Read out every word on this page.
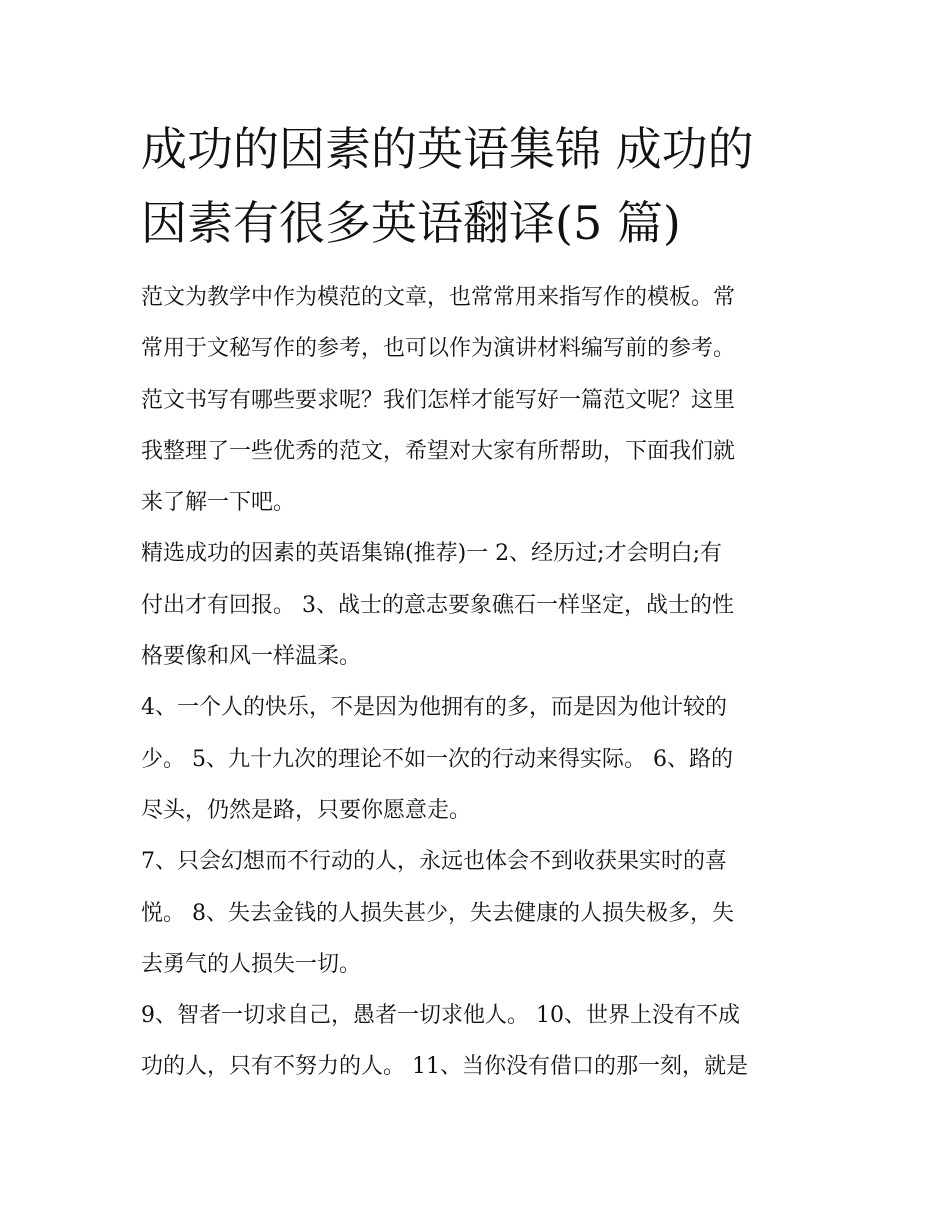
成功的因素的英语集锦 成功的
因素有很多英语翻译(5 篇)

范文为教学中作为模范的文章，也常常用来指写作的模板。常
常用于文秘写作的参考，也可以作为演讲材料编写前的参考。
范文书写有哪些要求呢？我们怎样才能写好一篇范文呢？这里
我整理了一些优秀的范文，希望对大家有所帮助，下面我们就
来了解一下吧。

精选成功的因素的英语集锦(推荐)一 2、经历过;才会明白;有
付出才有回报。 3、战士的意志要象礁石一样坚定，战士的性
格要像和风一样温柔。

4、一个人的快乐，不是因为他拥有的多，而是因为他计较的
少。 5、九十九次的理论不如一次的行动来得实际。 6、路的
尽头，仍然是路，只要你愿意走。

7、只会幻想而不行动的人，永远也体会不到收获果实时的喜
悦。 8、失去金钱的人损失甚少，失去健康的人损失极多，失
去勇气的人损失一切。

9、智者一切求自己，愚者一切求他人。 10、世界上没有不成
功的人，只有不努力的人。 11、当你没有借口的那一刻，就是
